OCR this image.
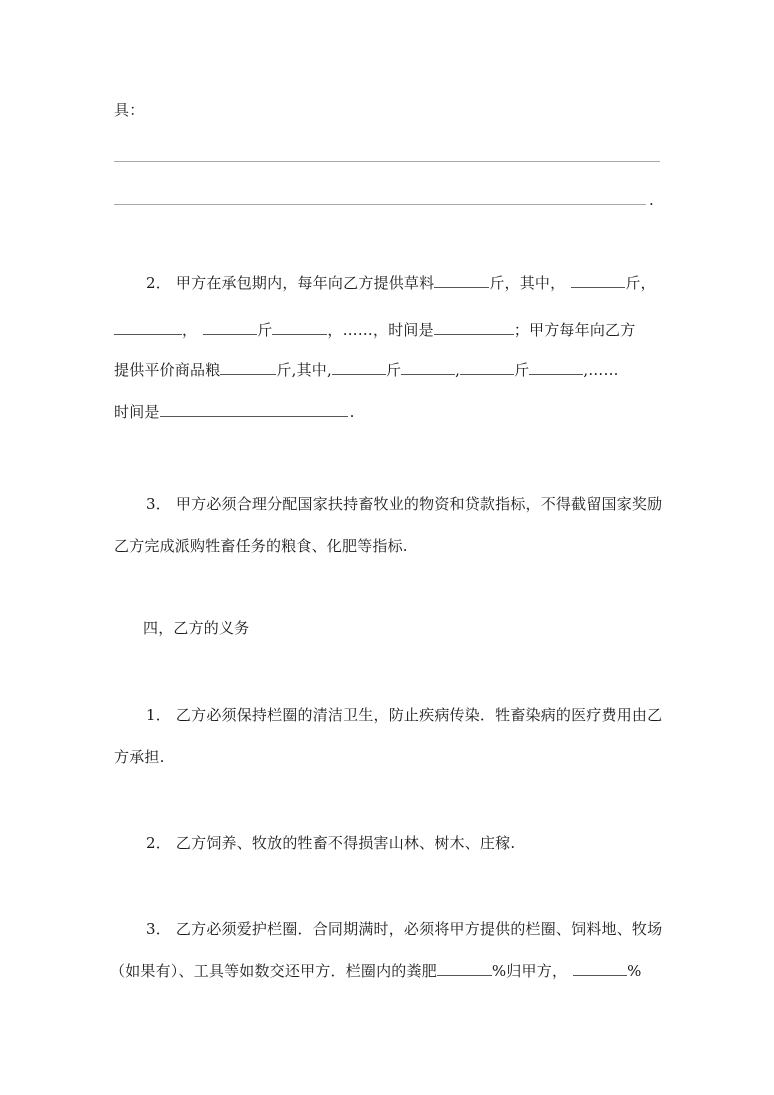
具：
.
2． 甲方在承包期内，每年向乙方提供草料	斤，其中，	斤，
，	斤	，……，时间是	；甲方每年向乙方
提供平价商品粮	斤,其中,	斤	,	斤	,……
时间是	.
3． 甲方必须合理分配国家扶持畜牧业的物资和贷款指标，不得截留国家奖励
乙方完成派购牲畜任务的粮食、化肥等指标.
四，乙方的义务
1． 乙方必须保持栏圈的清洁卫生，防止疾病传染．牲畜染病的医疗费用由乙
方承担.
2． 乙方饲养、牧放的牲畜不得损害山林、树木、庄稼.
3． 乙方必须爱护栏圈．合同期满时，必须将甲方提供的栏圈、饲料地、牧场
（如果有）、工具等如数交还甲方．栏圈内的粪肥	%归甲方，	%
